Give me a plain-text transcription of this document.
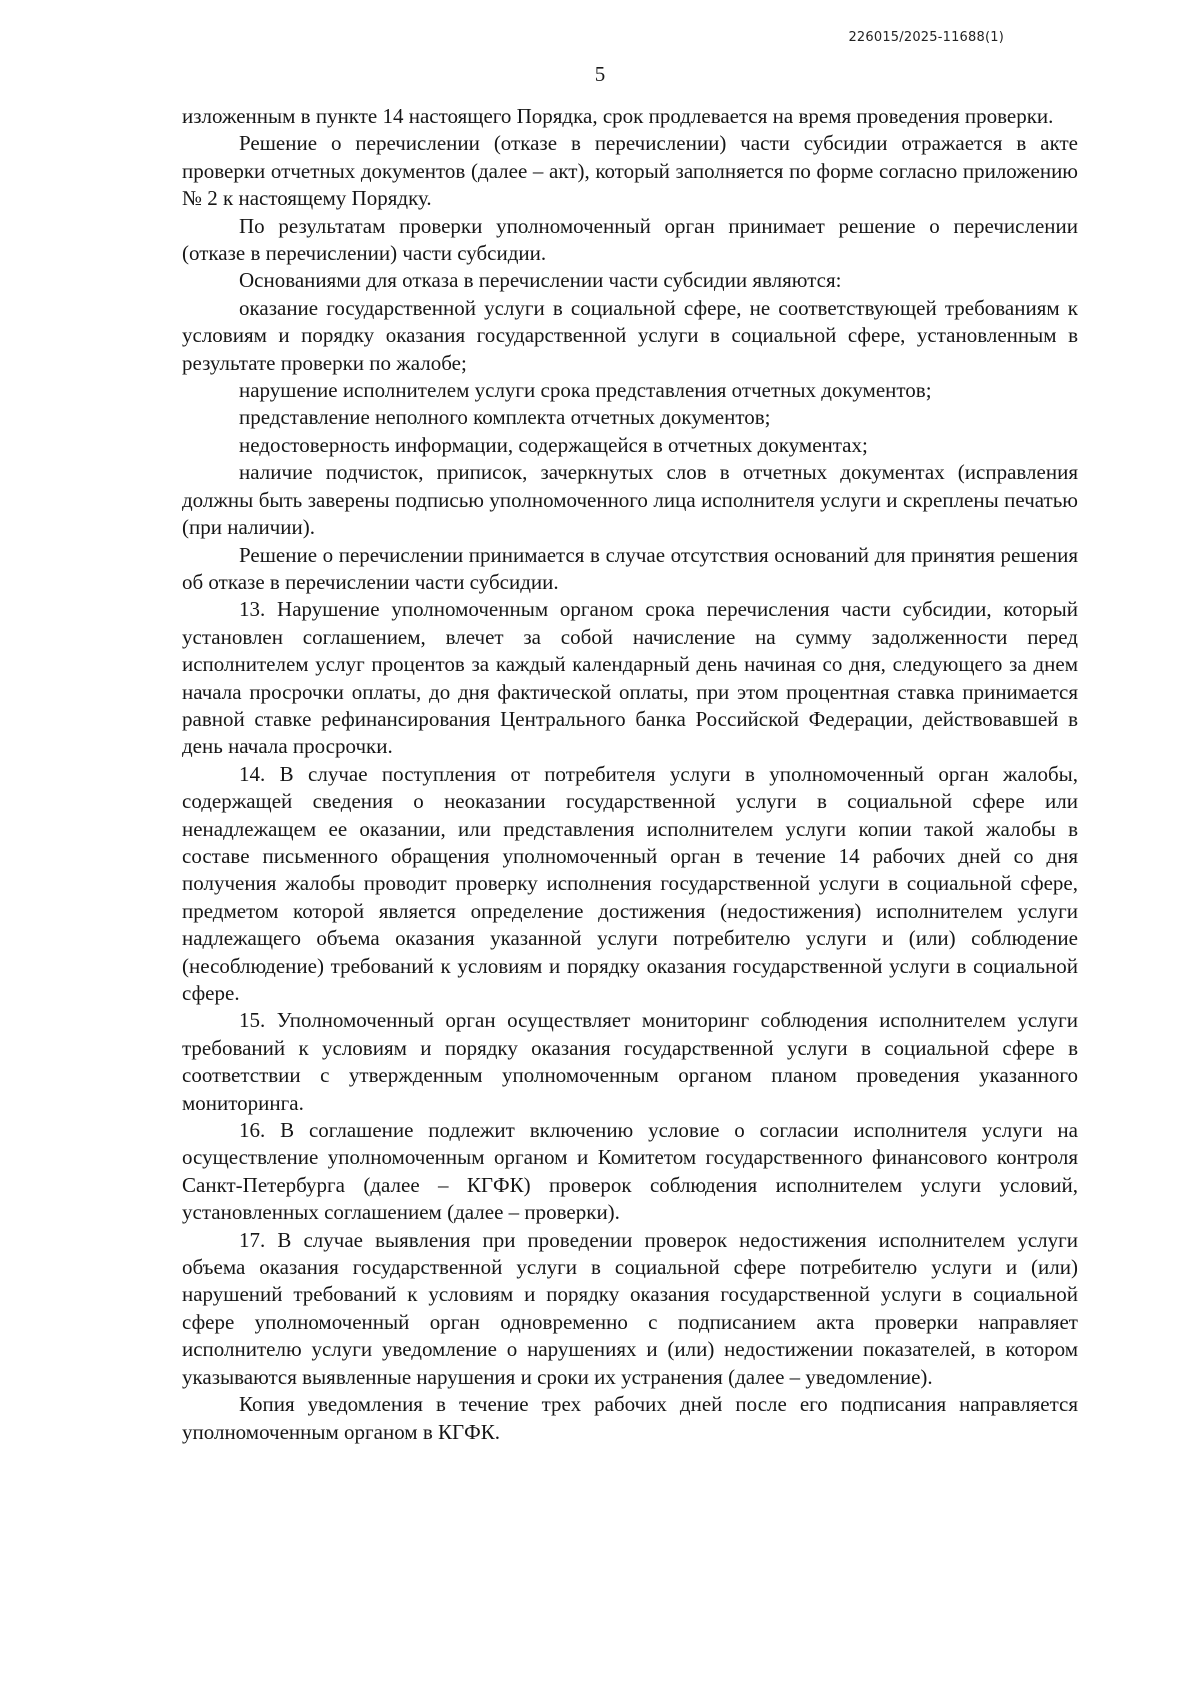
226015/2025-11688(1)
5

изложенным в пункте 14 настоящего Порядка, срок продлевается на время проведения проверки.

Решение о перечислении (отказе в перечислении) части субсидии отражается в акте проверки отчетных документов (далее – акт), который заполняется по форме согласно приложению № 2 к настоящему Порядку.

По результатам проверки уполномоченный орган принимает решение о перечислении (отказе в перечислении) части субсидии.

Основаниями для отказа в перечислении части субсидии являются:

оказание государственной услуги в социальной сфере, не соответствующей требованиям к условиям и порядку оказания государственной услуги в социальной сфере, установленным в результате проверки по жалобе;

нарушение исполнителем услуги срока представления отчетных документов;

представление неполного комплекта отчетных документов;

недостоверность информации, содержащейся в отчетных документах;

наличие подчисток, приписок, зачеркнутых слов в отчетных документах (исправления должны быть заверены подписью уполномоченного лица исполнителя услуги и скреплены печатью (при наличии).

Решение о перечислении принимается в случае отсутствия оснований для принятия решения об отказе в перечислении части субсидии.

13. Нарушение уполномоченным органом срока перечисления части субсидии, который установлен соглашением, влечет за собой начисление на сумму задолженности перед исполнителем услуг процентов за каждый календарный день начиная со дня, следующего за днем начала просрочки оплаты, до дня фактической оплаты, при этом процентная ставка принимается равной ставке рефинансирования Центрального банка Российской Федерации, действовавшей в день начала просрочки.

14. В случае поступления от потребителя услуги в уполномоченный орган жалобы, содержащей сведения о неоказании государственной услуги в социальной сфере или ненадлежащем ее оказании, или представления исполнителем услуги копии такой жалобы в составе письменного обращения уполномоченный орган в течение 14 рабочих дней со дня получения жалобы проводит проверку исполнения государственной услуги в социальной сфере, предметом которой является определение достижения (недостижения) исполнителем услуги надлежащего объема оказания указанной услуги потребителю услуги и (или) соблюдение (несоблюдение) требований к условиям и порядку оказания государственной услуги в социальной сфере.

15. Уполномоченный орган осуществляет мониторинг соблюдения исполнителем услуги требований к условиям и порядку оказания государственной услуги в социальной сфере в соответствии с утвержденным уполномоченным органом планом проведения указанного мониторинга.

16. В соглашение подлежит включению условие о согласии исполнителя услуги на осуществление уполномоченным органом и Комитетом государственного финансового контроля Санкт-Петербурга (далее – КГФК) проверок соблюдения исполнителем услуги условий, установленных соглашением (далее – проверки).

17. В случае выявления при проведении проверок недостижения исполнителем услуги объема оказания государственной услуги в социальной сфере потребителю услуги и (или) нарушений требований к условиям и порядку оказания государственной услуги в социальной сфере уполномоченный орган одновременно с подписанием акта проверки направляет исполнителю услуги уведомление о нарушениях и (или) недостижении показателей, в котором указываются выявленные нарушения и сроки их устранения (далее – уведомление).

Копия уведомления в течение трех рабочих дней после его подписания направляется уполномоченным органом в КГФК.
